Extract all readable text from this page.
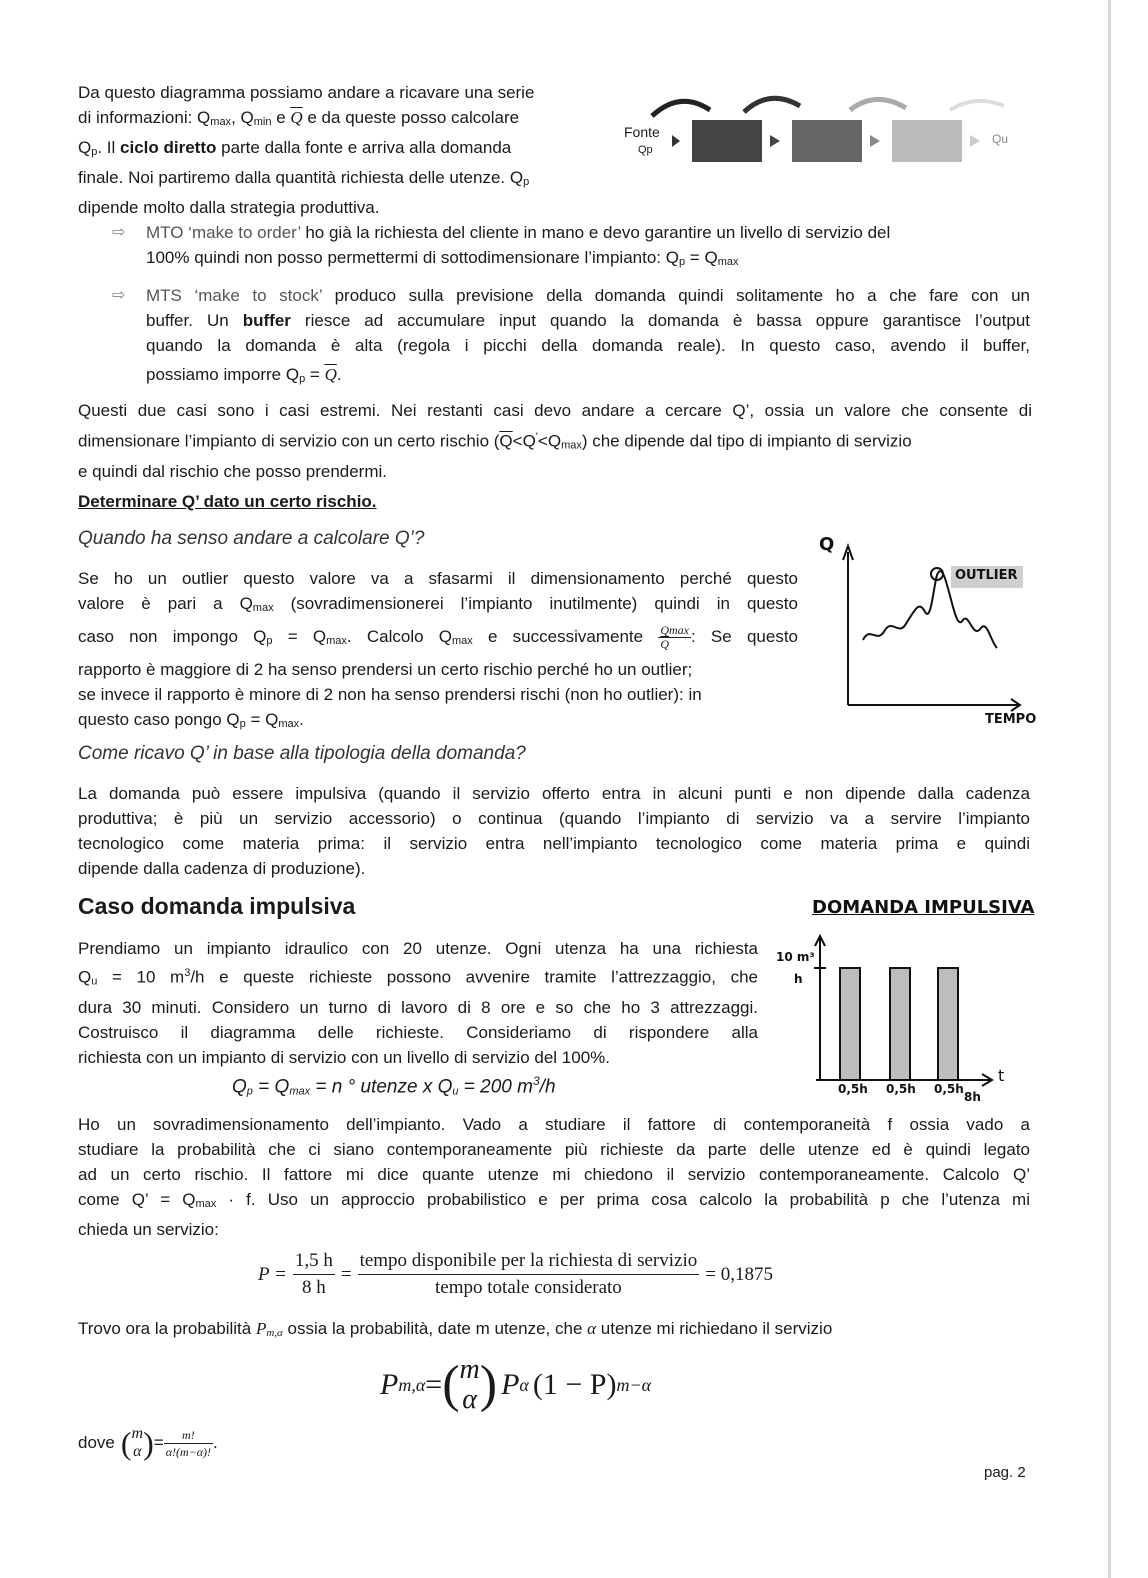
Da questo diagramma possiamo andare a ricavare una serie
di informazioni: $Q_{max}$, $Q_{min}$ e $\overline{Q}$ e da queste posso calcolare
$Q_p$. Il ciclo diretto parte dalla fonte e arriva alla domanda
finale. Noi partiremo dalla quantità richiesta delle utenze. $Q_p$
dipende molto dalla strategia produttiva.
Fonte
Qp
Qu
⇨ MTO ‘make to order’ ho già la richiesta del cliente in mano e devo garantire un livello di servizio del
100% quindi non posso permettermi di sottodimensionare l’impianto: $Q_p = Q_{max}$
⇨ MTS ‘make to stock’ produco sulla previsione della domanda quindi solitamente ho a che fare con un
buffer. Un buffer riesce ad accumulare input quando la domanda è bassa oppure garantisce l’output
quando la domanda è alta (regola i picchi della domanda reale). In questo caso, avendo il buffer,
possiamo imporre $Q_p = \overline{Q}$.
Questi due casi sono i casi estremi. Nei restanti casi devo andare a cercare Q’, ossia un valore che consente di
dimensionare l’impianto di servizio con un certo rischio $(\overline{Q}<Q'<Q_{max})$ che dipende dal tipo di impianto di servizio
e quindi dal rischio che posso prendermi.
Determinare Q’ dato un certo rischio.
Quando ha senso andare a calcolare Q’?
Se ho un outlier questo valore va a sfasarmi il dimensionamento perché questo
valore è pari a $Q_{max}$ (sovradimensionerei l’impianto inutilmente) quindi in questo
caso non impongo $Q_p = Q_{max}$. Calcolo $Q_{max}$ e successivamente $\frac{Qmax}{Q}$ : Se questo
rapporto è maggiore di 2 ha senso prendersi un certo rischio perché ho un outlier;
se invece il rapporto è minore di 2 non ha senso prendersi rischi (non ho outlier): in
questo caso pongo $Q_p = Q_{max}$.
Q
OUTLIER
TEMPO
Come ricavo Q’ in base alla tipologia della domanda?
La domanda può essere impulsiva (quando il servizio offerto entra in alcuni punti e non dipende dalla cadenza
produttiva; è più un servizio accessorio) o continua (quando l’impianto di servizio va a servire l’impianto
tecnologico come materia prima: il servizio entra nell’impianto tecnologico come materia prima e quindi
dipende dalla cadenza di produzione).
Caso domanda impulsiva	DOMANDA IMPULSIVA
10 m³
h
t
0,5h 0,5h 0,5h
8h
Prendiamo un impianto idraulico con 20 utenze. Ogni utenza ha una richiesta
$Q_u = 10$ $m^3/h$ e queste richieste possono avvenire tramite l’attrezzaggio, che
dura 30 minuti. Considero un turno di lavoro di 8 ore e so che ho 3 attrezzaggi.
Costruisco il diagramma delle richieste. Consideriamo di rispondere alla
richiesta con un impianto di servizio con un livello di servizio del 100%.
$Q_p = Q_{max} = n$ ° utenze x $Q_u = 200$ $m^3/h$
Ho un sovradimensionamento dell’impianto. Vado a studiare il fattore di contemporaneità f ossia vado a
studiare la probabilità che ci siano contemporaneamente più richieste da parte delle utenze ed è quindi legato
ad un certo rischio. Il fattore mi dice quante utenze mi chiedono il servizio contemporaneamente. Calcolo Q’
come Q’ = $Q_{max} \cdot f$. Uso un approccio probabilistico e per prima cosa calcolo la probabilità p che l’utenza mi
chieda un servizio:
$P = \frac{1,5 h}{8 h} = \frac{\text{tempo disponibile per la richiesta di servizio}}{\text{tempo totale considerato}} = 0,1875$
Trovo ora la probabilità $P_{m,\alpha}$ ossia la probabilità, date m utenze, che α utenze mi richiedano il servizio
P m,α = ( m
α ) P α (1 − P) m−α
dove ( m
α ) = $\frac{m!}{\alpha!(m-\alpha)!}$ .
pag. 2
